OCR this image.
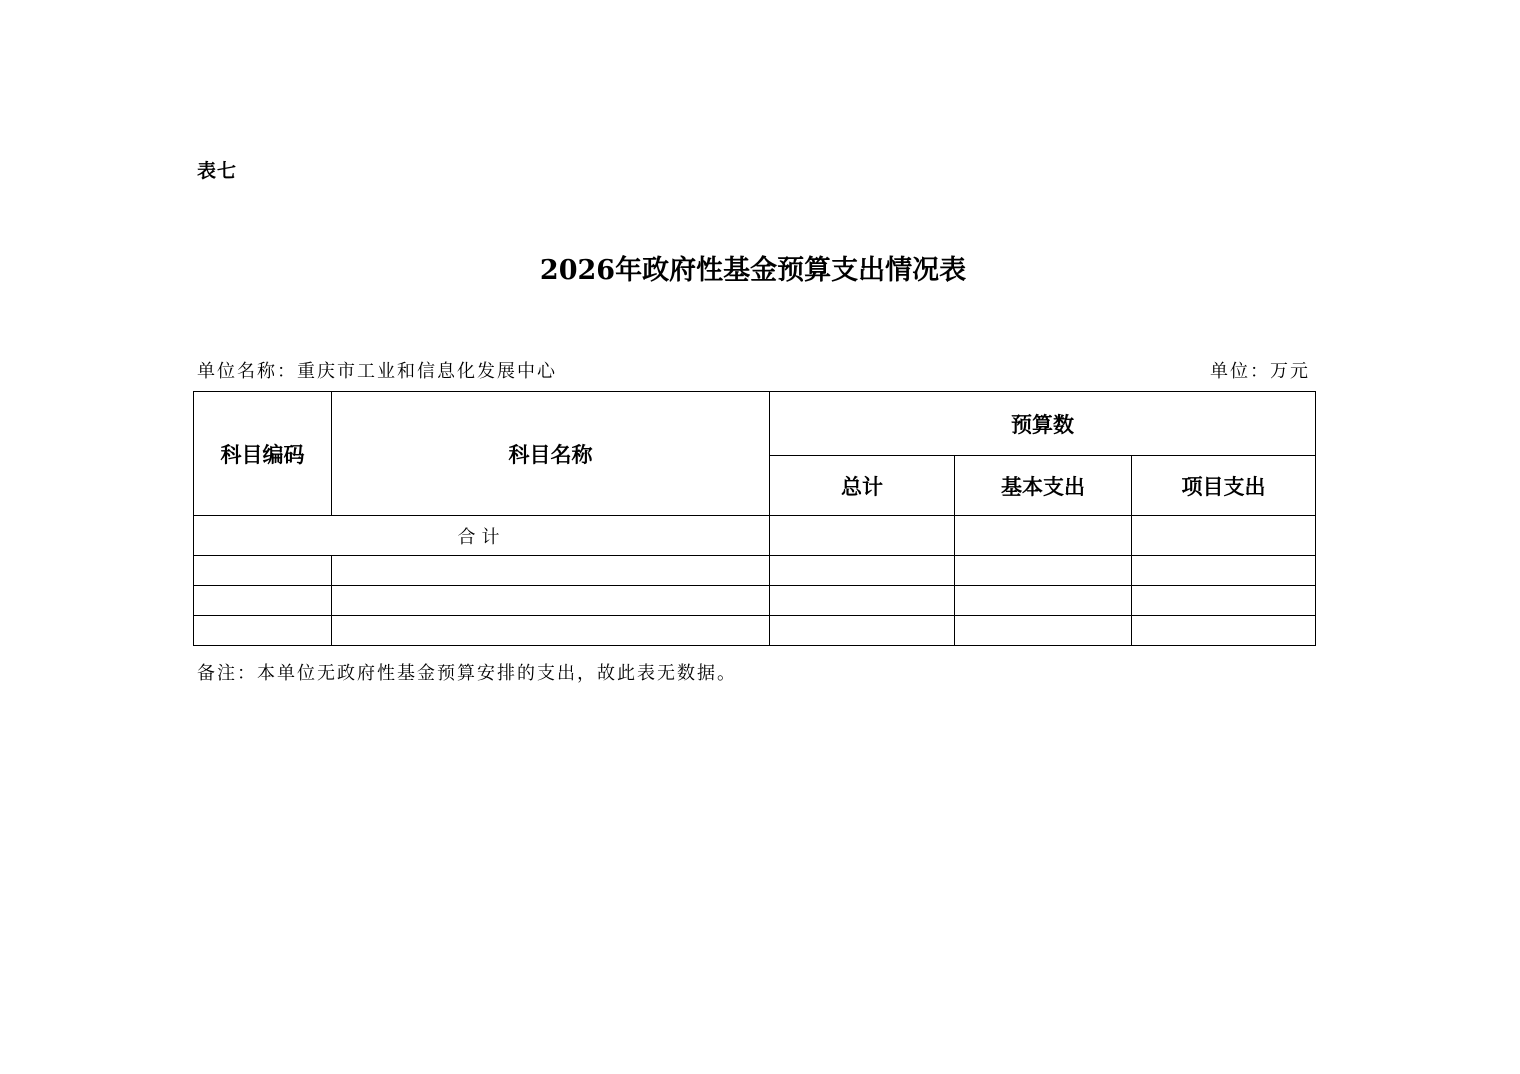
表七
2026年政府性基金预算支出情况表
单位名称：重庆市工业和信息化发展中心	单位：万元
科目编码	科目名称	预算数		
		总计	基本支出	项目支出
合计				

备注：本单位无政府性基金预算安排的支出，故此表无数据。
